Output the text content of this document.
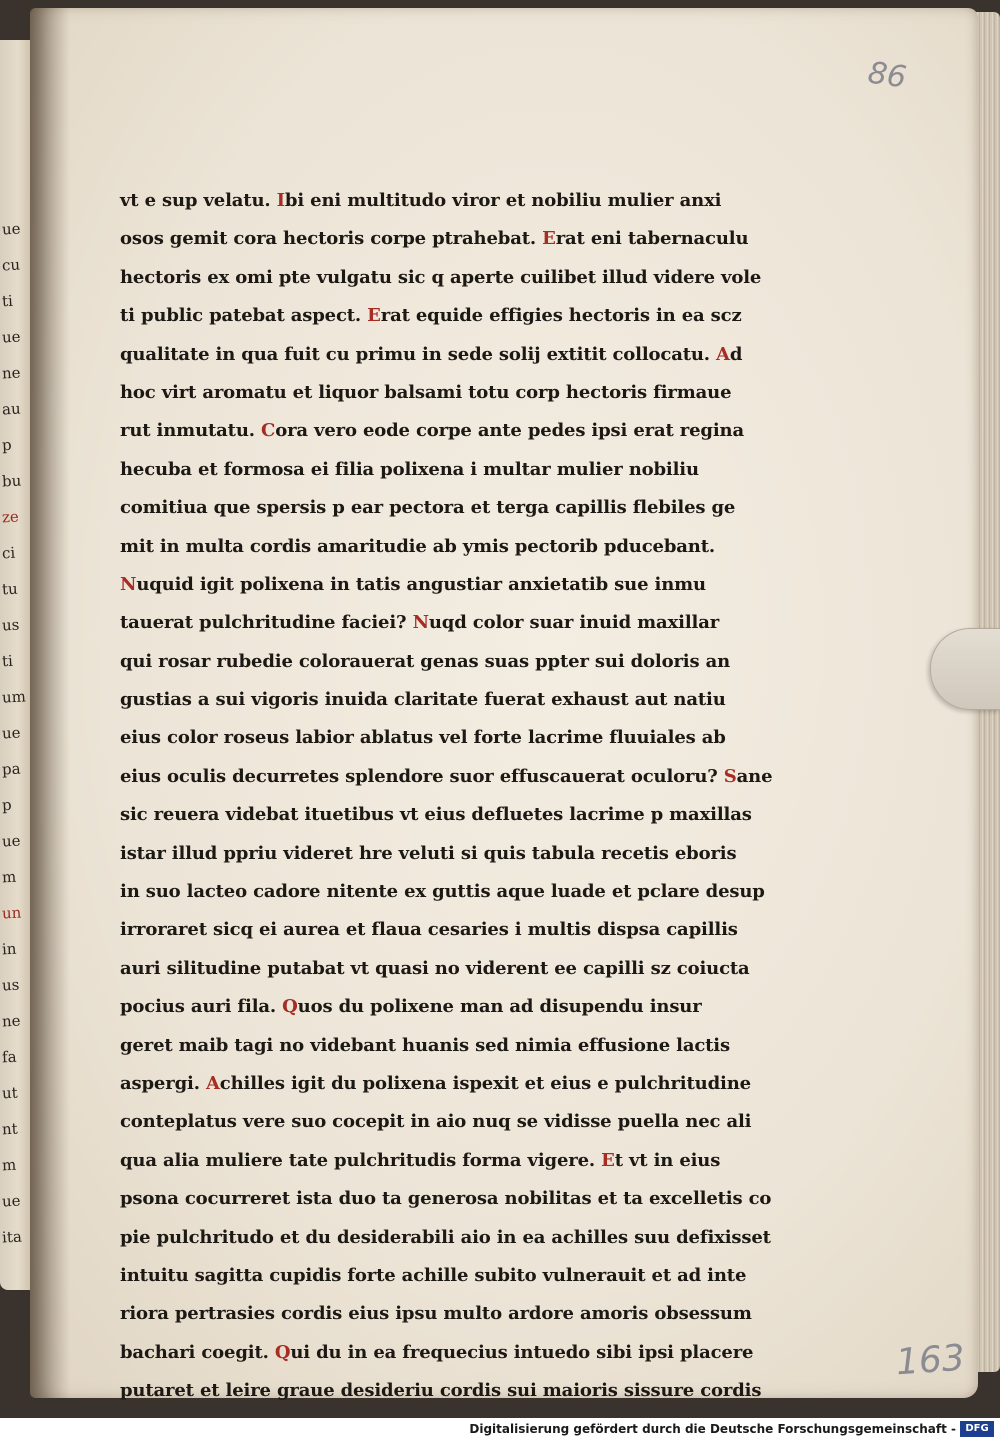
ue
cu
ti
ue
ne
au
p
bu
ze
ci
tu
us
ti
um
ue
pa
p
ue
m
un
in
us
ne
fa
ut
nt
m
ue
ita
86
vt e sup velatu. Ibi eni multitudo viror et nobiliu mulier anxi
osos gemit cora hectoris corpe ptrahebat. Erat eni tabernaculu
hectoris ex omi pte vulgatu sic q aperte cuilibet illud videre vole
ti public patebat aspect. Erat equide effigies hectoris in ea scz
qualitate in qua fuit cu primu in sede solij extitit collocatu. Ad
hoc virt aromatu et liquor balsami totu corp hectoris firmaue
rut inmutatu. Cora vero eode corpe ante pedes ipsi erat regina
hecuba et formosa ei filia polixena i multar mulier nobiliu
comitiua que spersis p ear pectora et terga capillis flebiles ge
mit in multa cordis amaritudie ab ymis pectorib pducebant.
Nuquid igit polixena in tatis angustiar anxietatib sue inmu
tauerat pulchritudine faciei? Nuqd color suar inuid maxillar
qui rosar rubedie colorauerat genas suas ppter sui doloris an
gustias a sui vigoris inuida claritate fuerat exhaust aut natiu
eius color roseus labior ablatus vel forte lacrime fluuiales ab
eius oculis decurretes splendore suor effuscauerat oculoru? Sane
sic reuera videbat ituetibus vt eius defluetes lacrime p maxillas
istar illud ppriu videret hre veluti si quis tabula recetis eboris
in suo lacteo cadore nitente ex guttis aque luade et pclare desup
irroraret sicq ei aurea et flaua cesaries i multis dispsa capillis
auri silitudine putabat vt quasi no viderent ee capilli sz coiucta
pocius auri fila. Quos du polixene man ad disupendu insur
geret maib tagi no videbant huanis sed nimia effusione lactis
aspergi. Achilles igit du polixena ispexit et eius e pulchritudine
conteplatus vere suo cocepit in aio nuq se vidisse puella nec ali
qua alia muliere tate pulchritudis forma vigere. Et vt in eius
psona cocurreret ista duo ta generosa nobilitas et ta excelletis co
pie pulchritudo et du desiderabili aio in ea achilles suu defixisset
intuitu sagitta cupidis forte achille subito vulnerauit et ad inte
riora pertrasies cordis eius ipsu multo ardore amoris obsessum
bachari coegit. Qui du in ea frequecius intuedo sibi ipsi placere
putaret et leire graue desideriu cordis sui maioris sissure cordis
163
Digitalisierung gefördert durch die Deutsche Forschungsgemeinschaft - DFG
